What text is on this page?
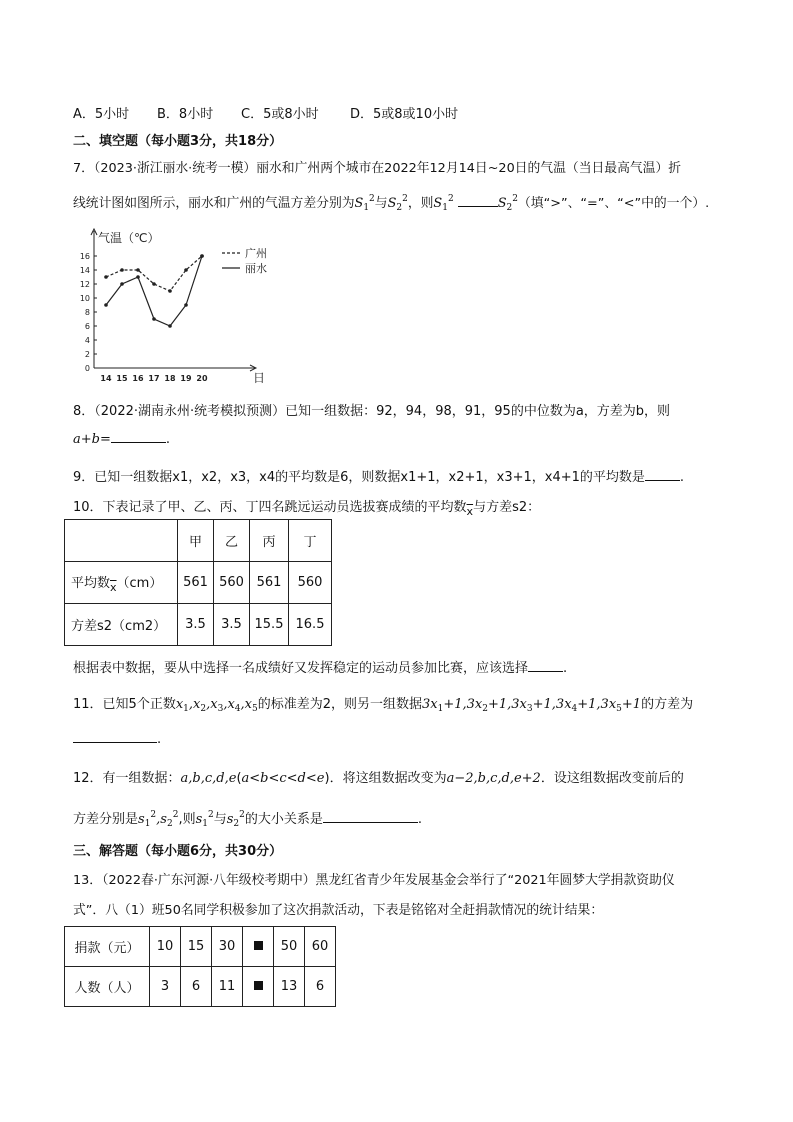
A．5小时 B．8小时 C．5或8小时 D．5或8或10小时
二、填空题（每小题3分，共18分）
7．（2023·浙江丽水·统考一模）丽水和广州两个城市在2022年12月14日~20日的气温（当日最高气温）折
线统计图如图所示，丽水和广州的气温方差分别为$S_1^2$与$S_2^2$，则$S_1^2$	$S_2^2$（填“>”、“=”、“<”中的一个）.
0
2
4
6
8
10
12
14
16
14 15 16 17 18 19 20
气温（℃）
日
广州
丽水
8．（2022·湖南永州·统考模拟预测）已知一组数据：92，94，98，91，95的中位数为a，方差为b，则
a+b=	.
9．已知一组数据x1，x2，x3，x4的平均数是6，则数据x1+1，x2+1，x3+1，x4+1的平均数是	.
10．下表记录了甲、乙、丙、丁四名跳远运动员选拔赛成绩的平均数$_{\overline{x}}$与方差s2：
	甲	乙	丙	丁
平均数$_{\overline{x}}$（cm）	561	560	561	560
方差s2（cm2）	3.5	3.5	15.5	16.5
根据表中数据，要从中选择一名成绩好又发挥稳定的运动员参加比赛，应该选择	.
11．已知5个正数$x_1,x_2,x_3,x_4,x_5$的标准差为2，则另一组数据$3x_1+1,3x_2+1,3x_3+1,3x_4+1,3x_5+1$的方差为
.
12．有一组数据：a,b,c,d,e(a<b<c<d<e)．将这组数据改变为a−2,b,c,d,e+2．设这组数据改变前后的
方差分别是$s_1^2,s_2^2$,则$s_1^2$与$s_2^2$的大小关系是	.
三、解答题（每小题6分，共30分）
13．（2022春·广东河源·八年级校考期中）黑龙红省青少年发展基金会举行了“2021年圆梦大学捐款资助仪
式”．八（1）班50名同学积极参加了这次捐款活动，下表是铭铭对全赶捐款情况的统计结果：
捐款（元）	10	15	30		50	60
人数（人）	3	6	11		13	6
